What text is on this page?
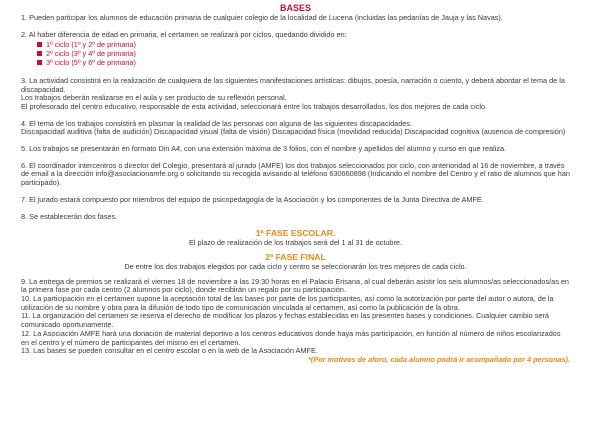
BASES

1. Pueden participar los alumnos de educación primaria de cualquier colegio de la localidad de Lucena (incluidas las pedanías de Jauja y las Navas).

2. Al haber diferencia de edad en primaria, el certamen se realizará por ciclos, quedando dividido en:

1º ciclo (1º y 2º de primaria)
2º ciclo (3º y 4º de primaria)
3º ciclo (5º y 6º de primaria)

3. La actividad consistirá en la realización de cualquiera de las siguientes manifestaciones artísticas: dibujos, poesía, narración o cuento, y deberá abordar el tema de la discapacidad.
Los trabajos deberán realizarse en el aula y ser producto de su reflexión personal.
El profesorado del centro educativo, responsable de esta actividad, seleccionará entre los trabajos desarrollados, los dos mejores de cada ciclo.

4. El tema de los trabajos consistirá en plasmar la realidad de las personas con alguna de las siguientes discapacidades.
Discapacidad auditiva (falta de audición) Discapacidad visual (falta de visión) Discapacidad física (movilidad reducida) Discapacidad cognitiva (ausencia de compresión)

5. Los trabajos se presentarán en formato Din A4, con una extensión máxima de 3 folios, con el nombre y apellidos del alumno y curso en que realiza.

6. El coordinador intercentros o director del Colegio, presentará al jurado (AMFE) los dos trabajos seleccionados por ciclo, con anterioridad al 16 de noviembre, a través de email a la dirección info@asociacionamfe.org o solicitando su recogida avisando al teléfono 630660898 (Indicando el nombre del Centro y el ratio de alumnos que han participado).

7. El jurado estará compuesto por miembros del equipo de psicopedagogía de la Asociación y los componentes de la Junta Directiva de AMFE.

8. Se establecerán dos fases.

1ª FASE ESCOLAR.

El plazo de realización de los trabajos será del 1 al 31 de octubre.

2ª FASE FINAL

De entre los dos trabajos elegidos por cada ciclo y centro se seleccionarán los tres mejores de cada ciclo.

9. La entrega de premios se realizará el viernes 18 de noviembre a las 19:30 horas en el Palacio Erisana, al cual deberán asistir los seis alumnos/as seleccionados/as en la primera fase por cada centro (2 alumnos por ciclo), donde recibirán un regalo por su participación.

10. La participación en el certamen supone la aceptación total de las bases por parte de los participantes, así como la autorización por parte del autor o autora, de la utilización de su nombre y obra para la difusión de todo tipo de comunicación vinculada al certamen, así como la publicación de la obra.

11. La organización del certamen se reserva el derecho de modificar los plazos y fechas establecidas en las presentes bases y condiciones. Cualquier cambio será comunicado oportunamente.

12. La Asociación AMFE hará una donación de material deportivo a los centros educativos donde haya más participación, en función al número de niños escolarizados en el centro y el número de participantes del mismo en el certamen.

13. Las bases se pueden consultar en el centro escolar o en la web de la Asociación AMFE.

*(Por motivos de aforo, cada alumno podrá ir acompañado por 4 personas).
